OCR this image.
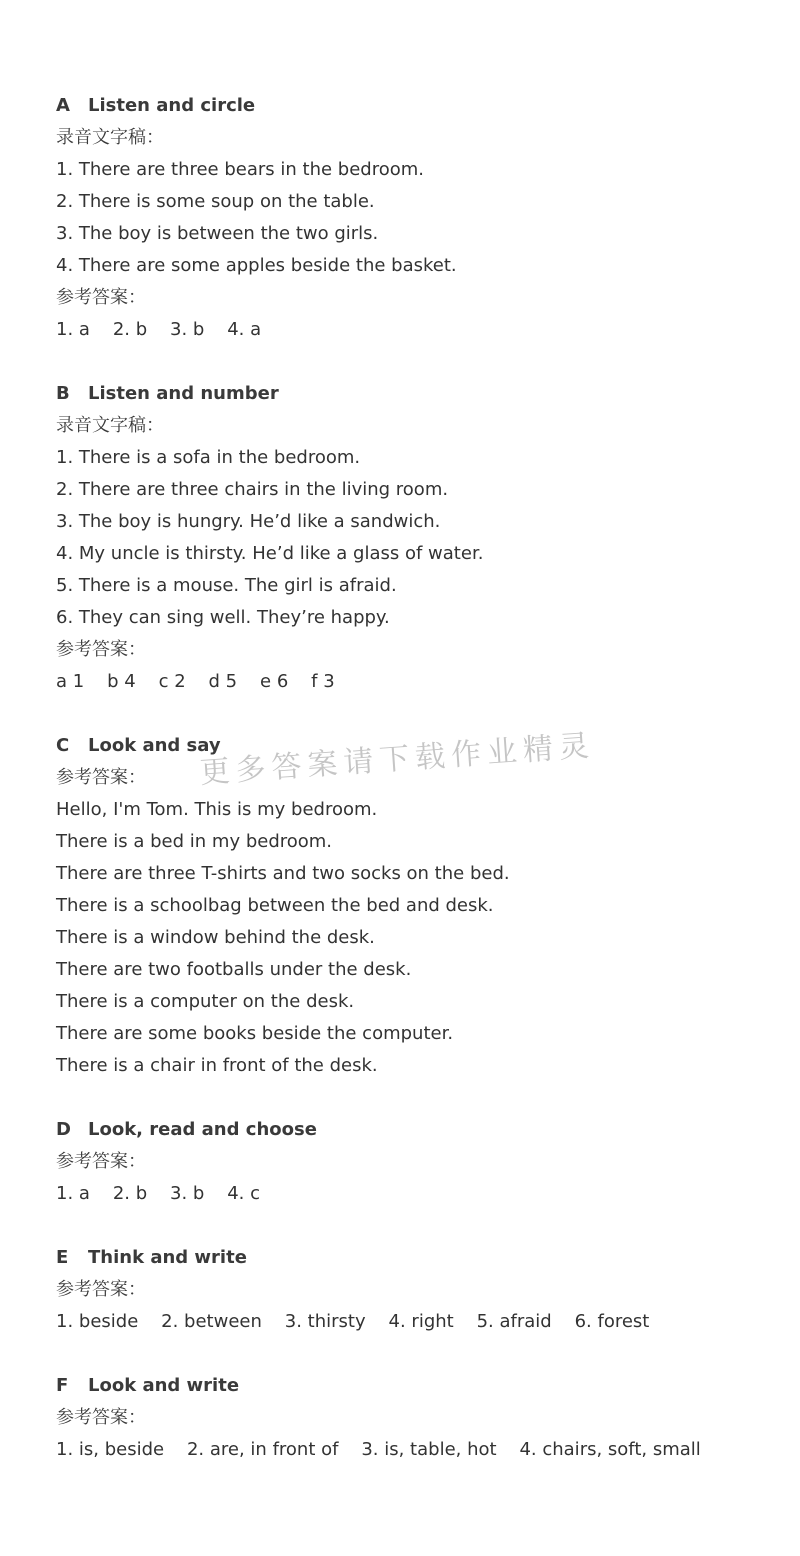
A Listen and circle
录音文字稿：
1. There are three bears in the bedroom.
2. There is some soup on the table.
3. The boy is between the two girls.
4. There are some apples beside the basket.
参考答案：
1. a    2. b    3. b    4. a
B Listen and number
录音文字稿：
1. There is a sofa in the bedroom.
2. There are three chairs in the living room.
3. The boy is hungry. He’d like a sandwich.
4. My uncle is thirsty. He’d like a glass of water.
5. There is a mouse. The girl is afraid.
6. They can sing well. They’re happy.
参考答案：
a 1    b 4    c 2    d 5    e 6    f 3
C Look and say
参考答案：
Hello, I'm Tom. This is my bedroom.
There is a bed in my bedroom.
There are three T-shirts and two socks on the bed.
There is a schoolbag between the bed and desk.
There is a window behind the desk.
There are two footballs under the desk.
There is a computer on the desk.
There are some books beside the computer.
There is a chair in front of the desk.
D Look, read and choose
参考答案：
1. a    2. b    3. b    4. c
E Think and write
参考答案：
1. beside    2. between    3. thirsty    4. right    5. afraid    6. forest
F Look and write
参考答案：
1. is, beside    2. are, in front of    3. is, table, hot    4. chairs, soft, small
更多答案请下载作业精灵
